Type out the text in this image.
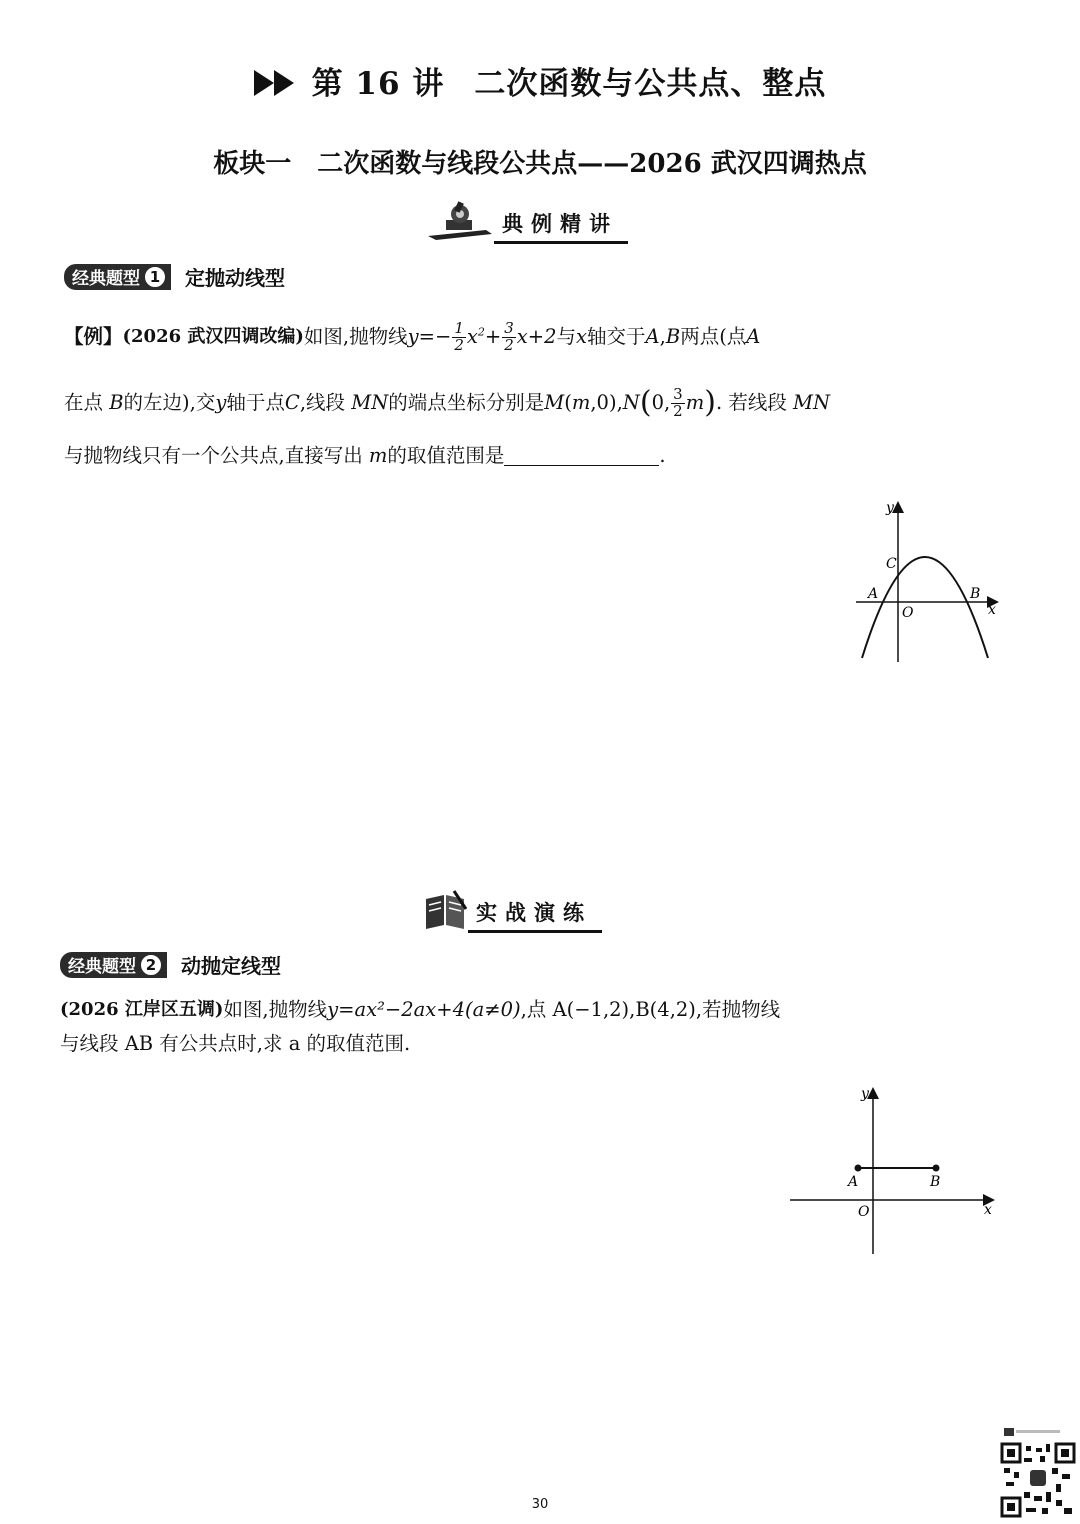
第 16 讲 二次函数与公共点、整点
板块一 二次函数与线段公共点——2026 武汉四调热点
典例精讲
经典题型 1	定抛动线型
【例】 (2026 武汉四调改编) 如图,抛物线 $y=- \frac{1}{2} x^2+ \frac{3}{2} x+2$ 与 x 轴交于 A , B 两点(点 A
在点 B 的左边),交 y 轴于点 C ,线段 MN 的端点坐标分别是 M ( m ,0), N ( 0, $\frac{3}{2}$ m ) . 若线段 MN
与抛物线只有一个公共点,直接写出 m 的取值范围是	.
y
x
O
A	B
C
实战演练
经典题型 2	动抛定线型
(2026 江岸区五调) 如图,抛物线 y=ax²−2ax+4(a≠0) ,点 A(−1,2),B(4,2),若抛物线
与线段 AB 有公共点时,求 a 的取值范围.
y
x
O
A	B
30
